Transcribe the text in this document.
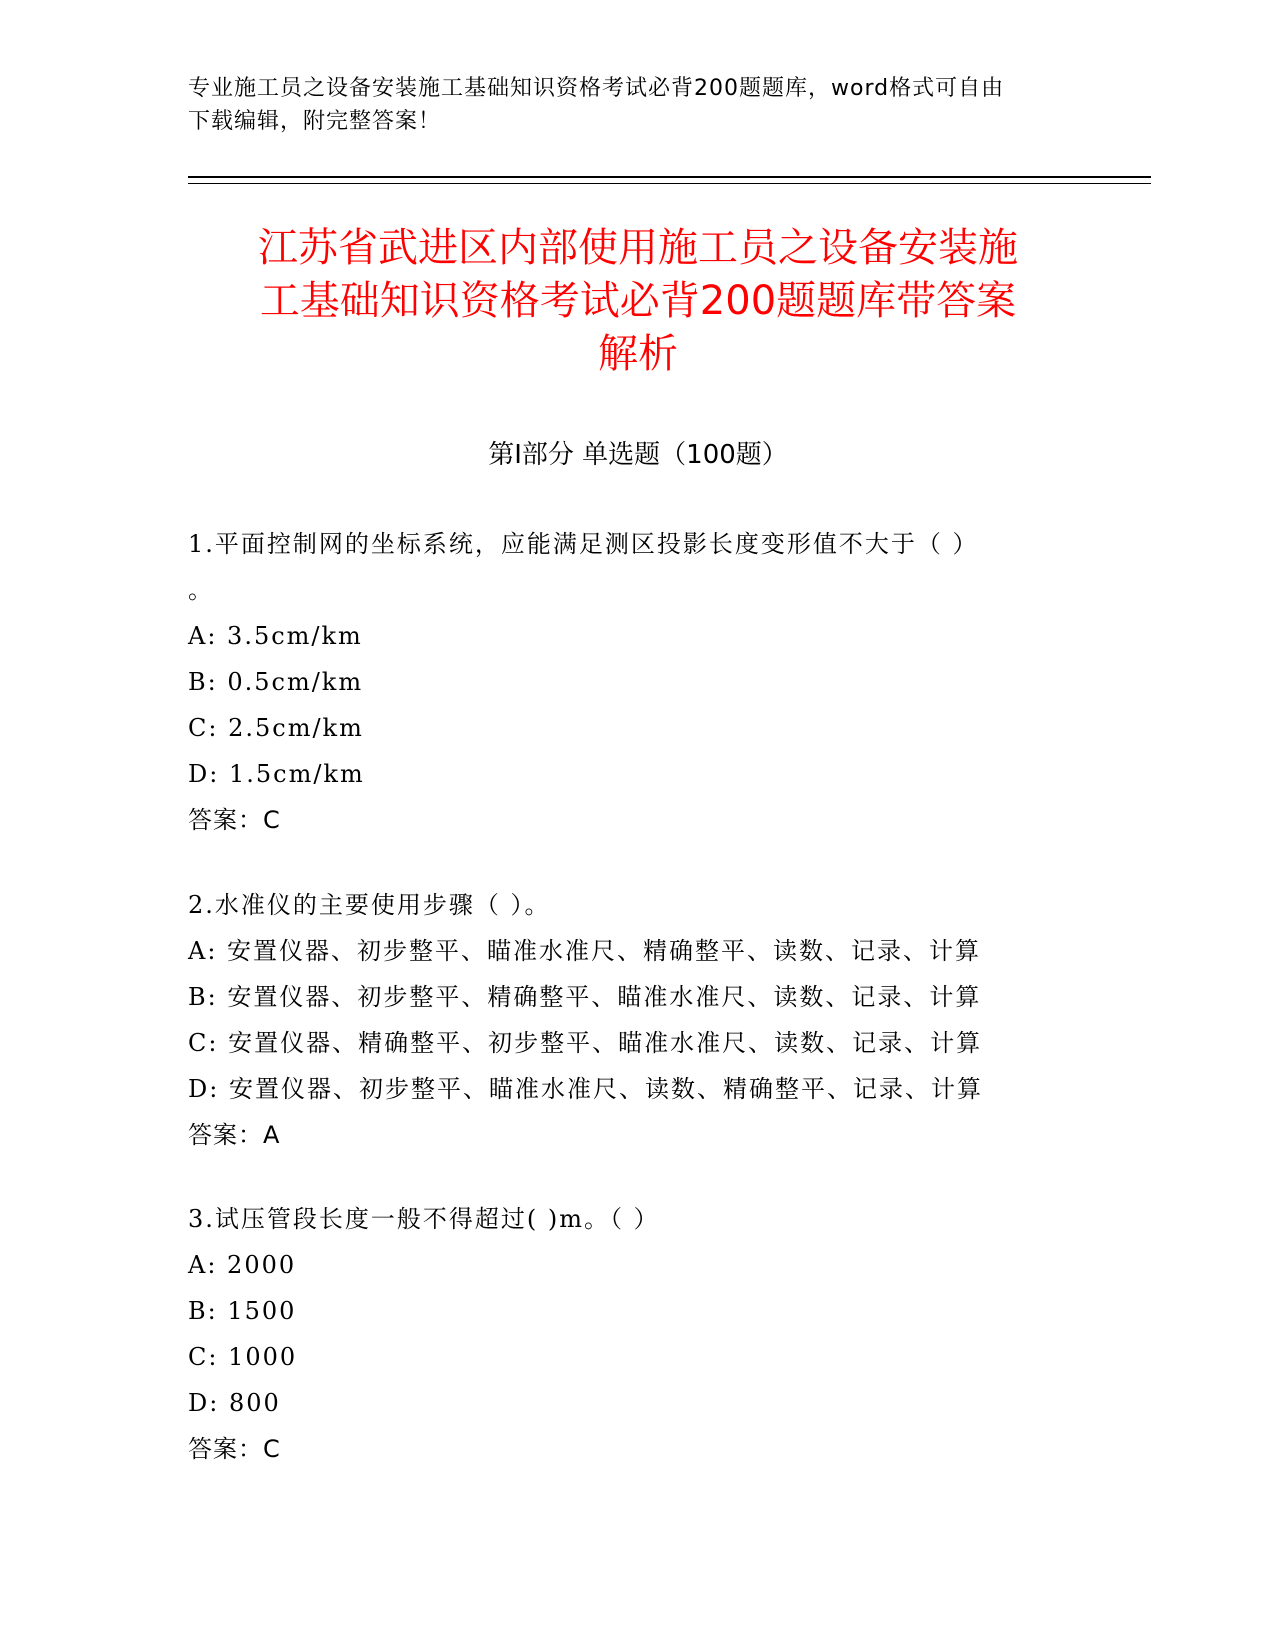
专业施工员之设备安装施工基础知识资格考试必背200题题库，word格式可自由
下载编辑，附完整答案！
江苏省武进区内部使用施工员之设备安装施
工基础知识资格考试必背200题题库带答案
解析
第Ⅰ部分 单选题（100题）
1.平面控制网的坐标系统，应能满足测区投影长度变形值不大于（ ）
。
A: 3.5cm/km
B: 0.5cm/km
C: 2.5cm/km
D: 1.5cm/km
答案：C
2.水准仪的主要使用步骤（ ）。
A: 安置仪器、初步整平、瞄准水准尺、精确整平、读数、记录、计算
B: 安置仪器、初步整平、精确整平、瞄准水准尺、读数、记录、计算
C: 安置仪器、精确整平、初步整平、瞄准水准尺、读数、记录、计算
D: 安置仪器、初步整平、瞄准水准尺、读数、精确整平、记录、计算
答案：A
3.试压管段长度一般不得超过( )m。（ ）
A: 2000
B: 1500
C: 1000
D: 800
答案：C
